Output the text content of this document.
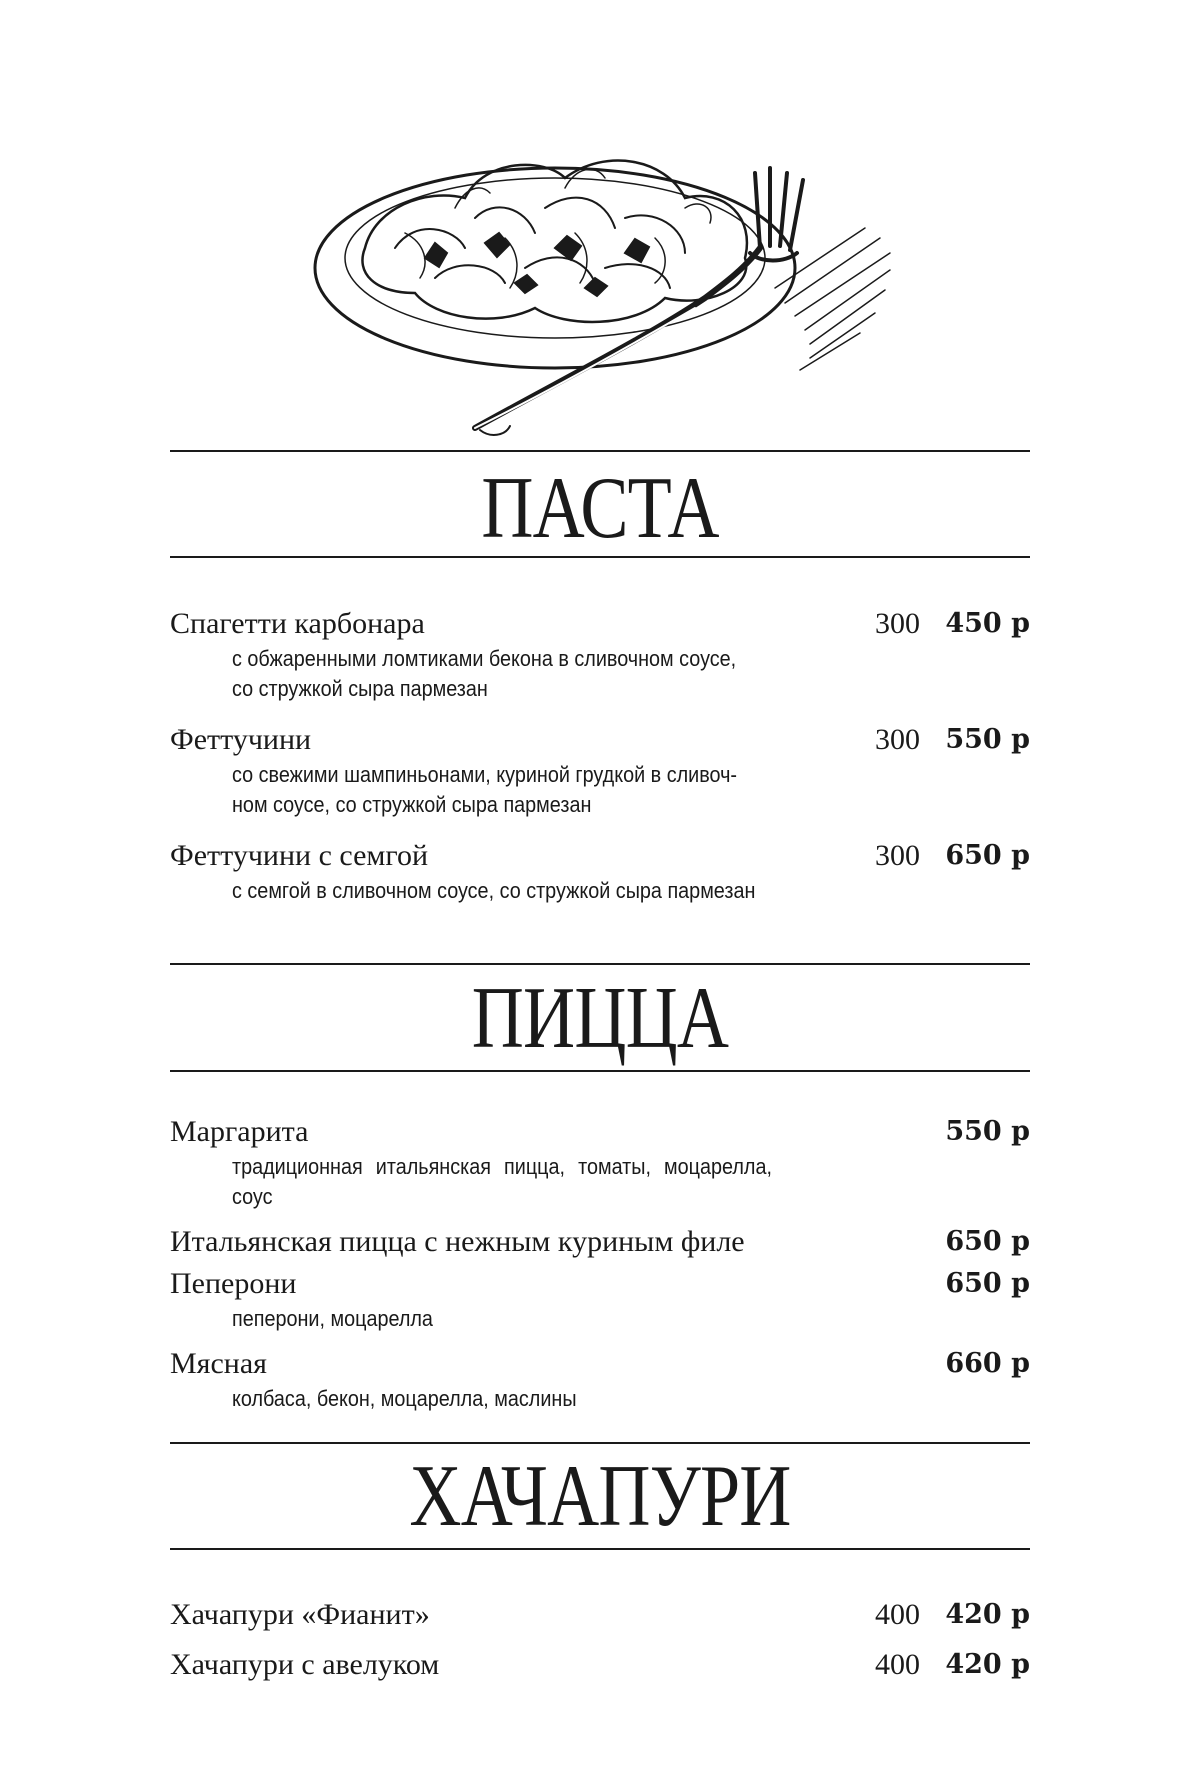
ПАСТА
Спагетти карбонара	300 450 р
с обжаренными ломтиками бекона в сливочном соусе,
со стружкой сыра пармезан
Феттучини	300 550 р
со свежими шампиньонами, куриной грудкой в сливоч-
ном соусе, со стружкой сыра пармезан
Феттучини с семгой	300 650 р
с семгой в сливочном соусе, со стружкой сыра пармезан
ПИЦЦА
Маргарита	550 р
традиционная итальянская пицца, томаты, моцарелла, соус
Итальянская пицца с нежным куриным филе	650 р
Пеперони	650 р
пеперони, моцарелла
Мясная	660 р
колбаса, бекон, моцарелла, маслины
ХАЧАПУРИ
Хачапури «Фианит»	400 420 р
Хачапури с авелуком	400 420 р
